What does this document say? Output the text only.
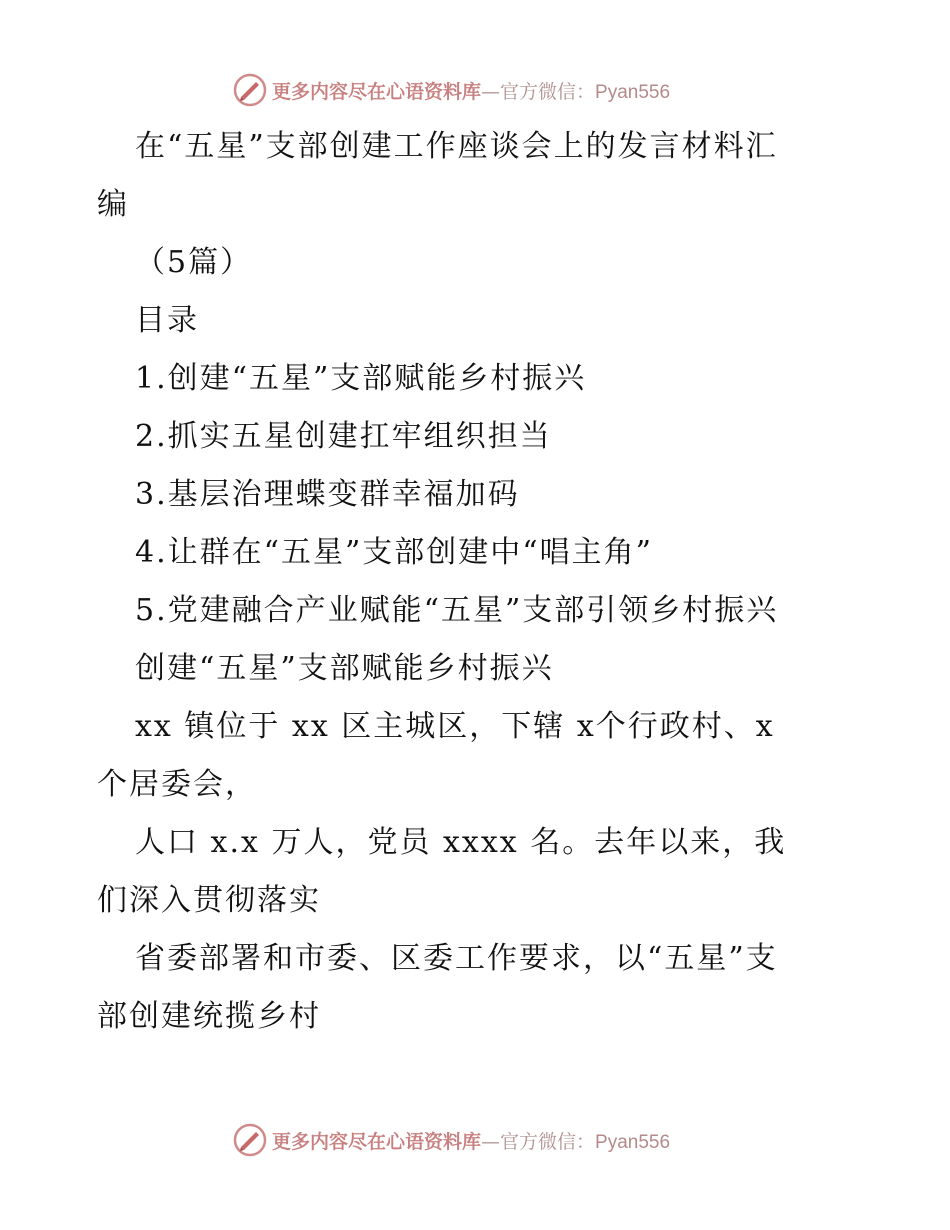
更多内容尽在心语资料库—官方微信：Pyan556
在“五星”支部创建工作座谈会上的发言材料汇
编
（5篇）
目录
1.创建“五星”支部赋能乡村振兴
2.抓实五星创建扛牢组织担当
3.基层治理蝶变群幸福加码
4.让群在“五星”支部创建中“唱主角”
5.党建融合产业赋能“五星”支部引领乡村振兴
创建“五星”支部赋能乡村振兴
xx 镇位于 xx 区主城区，下辖 x个行政村、x
个居委会，
人口 x.x 万人，党员 xxxx 名。去年以来，我
们深入贯彻落实
省委部署和市委、区委工作要求，以“五星”支
部创建统揽乡村
更多内容尽在心语资料库—官方微信：Pyan556
